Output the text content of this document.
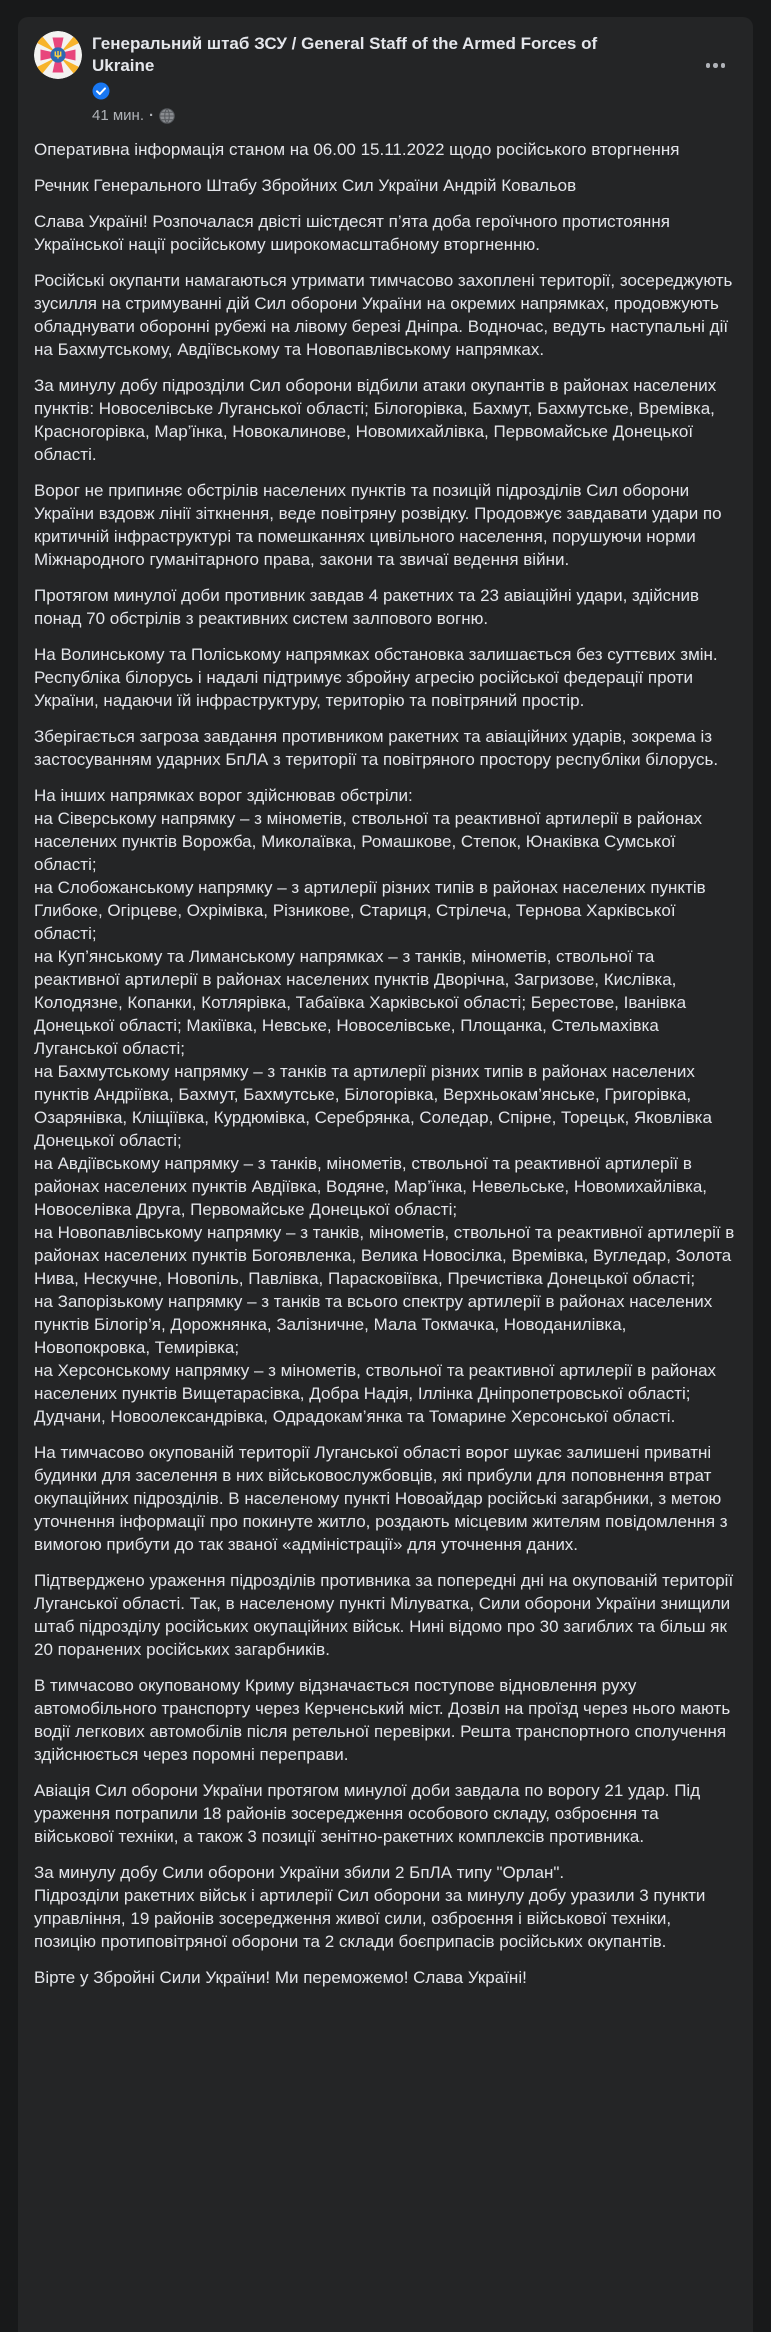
Генеральний штаб ЗСУ / General Staff of the Armed Forces of Ukraine
41 мин. ·
Оперативна інформація станом на 06.00 15.11.2022 щодо російського вторгнення
Речник Генерального Штабу Збройних Сил України Андрій Ковальов
Слава Україні! Розпочалася двісті шістдесят п’ята доба героїчного протистояння Української нації російському широкомасштабному вторгненню.
Російські окупанти намагаються утримати тимчасово захоплені території, зосереджують зусилля на стримуванні дій Сил оборони України на окремих напрямках, продовжують обладнувати оборонні рубежі на лівому березі Дніпра. Водночас, ведуть наступальні дії на Бахмутському, Авдіївському та Новопавлівському напрямках.
За минулу добу підрозділи Сил оборони відбили атаки окупантів в районах населених пунктів: Новоселівське Луганської області; Білогорівка, Бахмут, Бахмутське, Времівка, Красногорівка, Мар’їнка, Новокалинове, Новомихайлівка, Первомайське Донецької області.
Ворог не припиняє обстрілів населених пунктів та позицій підрозділів Сил оборони України вздовж лінії зіткнення, веде повітряну розвідку. Продовжує завдавати удари по критичній інфраструктурі та помешканнях цивільного населення, порушуючи норми Міжнародного гуманітарного права, закони та звичаї ведення війни.
Протягом минулої доби противник завдав 4 ракетних та 23 авіаційні удари, здійснив понад 70 обстрілів з реактивних систем залпового вогню.
На Волинському та Поліському напрямках обстановка залишається без суттєвих змін. Республіка білорусь і надалі підтримує збройну агресію російської федерації проти України, надаючи їй інфраструктуру, територію та повітряний простір.
Зберігається загроза завдання противником ракетних та авіаційних ударів, зокрема із застосуванням ударних БпЛА з території та повітряного простору республіки білорусь.
На інших напрямках ворог здійснював обстріли:
на Сіверському напрямку – з мінометів, ствольної та реактивної артилерії в районах населених пунктів Ворожба, Миколаївка, Ромашкове, Степок, Юнаківка Сумської області;
на Слобожанському напрямку – з артилерії різних типів в районах населених пунктів Глибоке, Огірцеве, Охрімівка, Різникове, Стариця, Стрілеча, Тернова Харківської області;
на Куп’янському та Лиманському напрямках – з танків, мінометів, ствольної та реактивної артилерії в районах населених пунктів Дворічна, Загризове, Кислівка, Колодязне, Копанки, Котлярівка, Табаївка Харківської області; Берестове, Іванівка Донецької області; Макіївка, Невське, Новоселівське, Площанка, Стельмахівка Луганської області;
на Бахмутському напрямку – з танків та артилерії різних типів в районах населених пунктів Андріївка, Бахмут, Бахмутське, Білогорівка, Верхньокам’янське, Григорівка, Озарянівка, Кліщіївка, Курдюмівка, Серебрянка, Соледар, Спірне, Торецьк, Яковлівка Донецької області;
на Авдіївському напрямку – з танків, мінометів, ствольної та реактивної артилерії в районах населених пунктів Авдіївка, Водяне, Мар’їнка, Невельське, Новомихайлівка, Новоселівка Друга, Первомайське Донецької області;
на Новопавлівському напрямку – з танків, мінометів, ствольної та реактивної артилерії в районах населених пунктів Богоявленка, Велика Новосілка, Времівка, Вугледар, Золота Нива, Нескучне, Новопіль, Павлівка, Парасковіївка, Пречистівка Донецької області;
на Запорізькому напрямку – з танків та всього спектру артилерії в районах населених пунктів Білогір’я, Дорожнянка, Залізничне, Мала Токмачка, Новоданилівка, Новопокровка, Темирівка;
на Херсонському напрямку – з мінометів, ствольної та реактивної артилерії в районах населених пунктів Вищетарасівка, Добра Надія, Іллінка Дніпропетровської області; Дудчани, Новоолександрівка, Одрадокам’янка та Томарине Херсонської області.
На тимчасово окупованій території Луганської області ворог шукає залишені приватні будинки для заселення в них військовослужбовців, які прибули для поповнення втрат окупаційних підрозділів. В населеному пункті Новоайдар російські загарбники, з метою уточнення інформації про покинуте житло, роздають місцевим жителям повідомлення з вимогою прибути до так званої «адміністрації» для уточнення даних.
Підтверджено ураження підрозділів противника за попередні дні на окупованій території Луганської області. Так, в населеному пункті Мілуватка, Сили оборони України знищили штаб підрозділу російських окупаційних військ. Нині відомо про 30 загиблих та більш як 20 поранених російських загарбників.
В тимчасово окупованому Криму відзначається поступове відновлення руху автомобільного транспорту через Керченський міст. Дозвіл на проїзд через нього мають водії легкових автомобілів після ретельної перевірки. Решта транспортного сполучення здійснюється через поромні переправи.
Авіація Сил оборони України протягом минулої доби завдала по ворогу 21 удар. Під ураження потрапили 18 районів зосередження особового складу, озброєння та військової техніки, а також 3 позиції зенітно-ракетних комплексів противника.
За минулу добу Сили оборони України збили 2 БпЛА типу "Орлан".
Підрозділи ракетних військ і артилерії Сил оборони за минулу добу уразили 3 пункти управління, 19 районів зосередження живої сили, озброєння і військової техніки, позицію протиповітряної оборони та 2 склади боєприпасів російських окупантів.
Вірте у Збройні Сили України! Ми переможемо! Слава Україні!
